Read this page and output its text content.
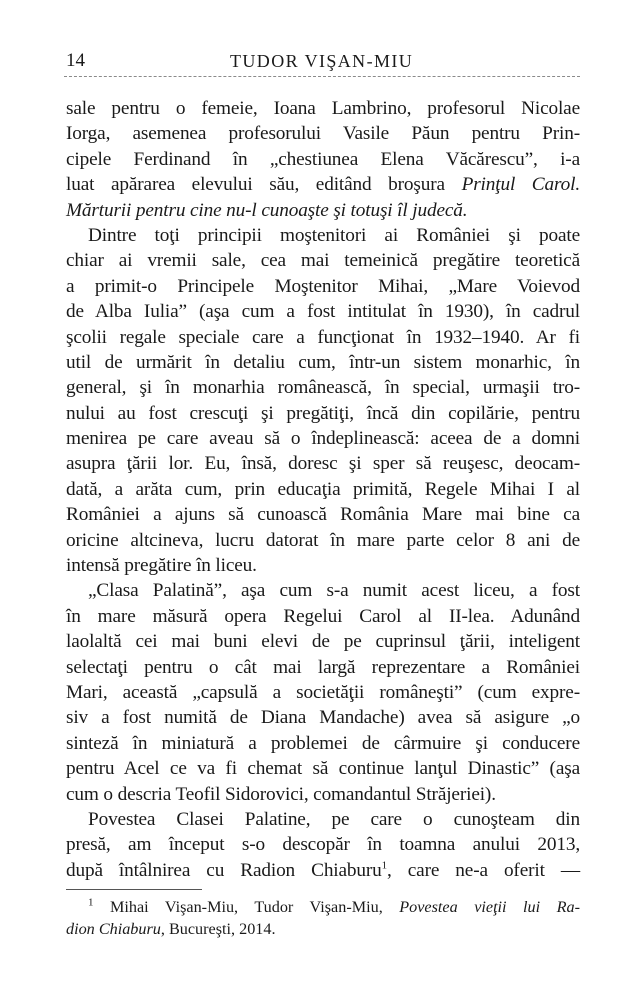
14	TUDOR VIŞAN-MIU

sale pentru o femeie, Ioana Lambrino, profesorul Nicolae
Iorga, asemenea profesorului Vasile Păun pentru Prin-
cipele Ferdinand în „chestiunea Elena Văcărescu”, i-a
luat apărarea elevului său, editând broşura Prinţul Carol.
Mărturii pentru cine nu-l cunoaşte şi totuşi îl judecă.

Dintre toţi principii moştenitori ai României şi poate
chiar ai vremii sale, cea mai temeinică pregătire teoretică
a primit-o Principele Moştenitor Mihai, „Mare Voievod
de Alba Iulia” (aşa cum a fost intitulat în 1930), în cadrul
şcolii regale speciale care a funcţionat în 1932–1940. Ar fi
util de urmărit în detaliu cum, într-un sistem monarhic, în
general, şi în monarhia românească, în special, urmaşii tro-
nului au fost crescuţi şi pregătiţi, încă din copilărie, pentru
menirea pe care aveau să o îndeplinească: aceea de a domni
asupra ţării lor. Eu, însă, doresc şi sper să reuşesc, deocam-
dată, a arăta cum, prin educaţia primită, Regele Mihai I al
României a ajuns să cunoască România Mare mai bine ca
oricine altcineva, lucru datorat în mare parte celor 8 ani de
intensă pregătire în liceu.

„Clasa Palatină”, aşa cum s-a numit acest liceu, a fost
în mare măsură opera Regelui Carol al II-lea. Adunând
laolaltă cei mai buni elevi de pe cuprinsul ţării, inteligent
selectaţi pentru o cât mai largă reprezentare a României
Mari, această „capsulă a societăţii româneşti” (cum expre-
siv a fost numită de Diana Mandache) avea să asigure „o
sinteză în miniatură a problemei de cârmuire şi conducere
pentru Acel ce va fi chemat să continue lanţul Dinastic” (aşa
cum o descria Teofil Sidorovici, comandantul Străjeriei).

Povestea Clasei Palatine, pe care o cunoşteam din
presă, am început s-o descopăr în toamna anului 2013,
după întâlnirea cu Radion Chiaburu$^1$, care ne-a oferit —

$^1$ Mihai Vişan-Miu, Tudor Vişan-Miu, Povestea vieţii lui Ra-
dion Chiaburu, Bucureşti, 2014.
